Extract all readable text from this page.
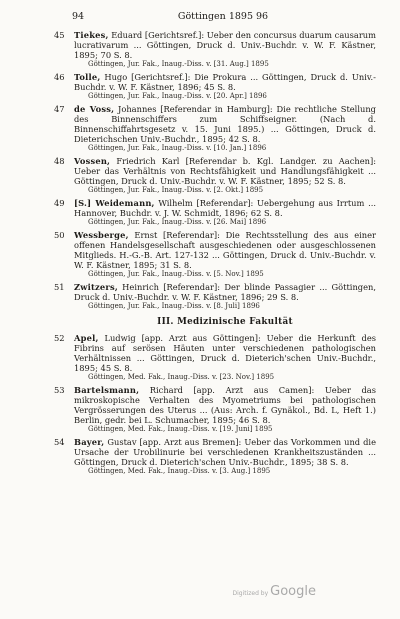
94	Göttingen 1895 96
45	Tiekes, Eduard [Gerichtsref.]: Ueber den concursus duarum causarum lucrativarum ... Göttingen, Druck d. Univ.-Buchdr. v. W. F. Kästner, 1895; 70 S. 8.
Göttingen, Jur. Fak., Inaug.-Diss. v. [31. Aug.] 1895
46	Tolle, Hugo [Gerichtsref.]: Die Prokura ... Göttingen, Druck d. Univ.-Buchdr. v. W. F. Kästner, 1896; 45 S. 8.
Göttingen, Jur. Fak., Inaug.-Diss. v. [20. Apr.] 1896
47	de Voss, Johannes [Referendar in Hamburg]: Die rechtliche Stellung des Binnenschiffers zum Schiffseigner. (Nach d. Binnenschiffahrtsgesetz v. 15. Juni 1895.) ... Göttingen, Druck d. Dieterichschen Univ.-Buchdr., 1895; 42 S. 8.
Göttingen, Jur. Fak., Inaug.-Diss. v. [10. Jan.] 1896
48	Vossen, Friedrich Karl [Referendar b. Kgl. Landger. zu Aachen]: Ueber das Verhältnis von Rechtsfähigkeit und Handlungsfähigkeit ... Göttingen, Druck d. Univ.-Buchdr. v. W. F. Kästner, 1895; 52 S. 8.
Göttingen, Jur. Fak., Inaug.-Diss. v. [2. Okt.] 1895
49	[S.] Weidemann, Wilhelm [Referendar]: Uebergehung aus Irrtum ... Hannover, Buchdr. v. J. W. Schmidt, 1896; 62 S. 8.
Göttingen, Jur. Fak., Inaug.-Diss. v. [26. Mai] 1896
50	Wessberge, Ernst [Referendar]: Die Rechtsstellung des aus einer offenen Handelsgesellschaft ausgeschiedenen oder ausgeschlossenen Mitglieds. H.-G.-B. Art. 127-132 ... Göttingen, Druck d. Univ.-Buchdr. v. W. F. Kästner, 1895; 31 S. 8.
Göttingen, Jur. Fak., Inaug.-Diss. v. [5. Nov.] 1895
51	Zwitzers, Heinrich [Referendar]: Der blinde Passagier ... Göttingen, Druck d. Univ.-Buchdr. v. W. F. Kästner, 1896; 29 S. 8.
Göttingen, Jur. Fak., Inaug.-Diss. v. [8. Juli] 1896
III. Medizinische Fakultät
52	Apel, Ludwig [app. Arzt aus Göttingen]: Ueber die Herkunft des Fibrins auf serösen Häuten unter verschiedenen pathologischen Verhältnissen ... Göttingen, Druck d. Dieterich'schen Univ.-Buchdr., 1895; 45 S. 8.
Göttingen, Med. Fak., Inaug.-Diss. v. [23. Nov.] 1895
53	Bartelsmann, Richard [app. Arzt aus Camen]: Ueber das mikroskopische Verhalten des Myometriums bei pathologischen Vergrösserungen des Uterus ... (Aus: Arch. f. Gynäkol., Bd. L, Heft 1.) Berlin, gedr. bei L. Schumacher, 1895; 46 S. 8.
Göttingen, Med. Fak., Inaug.-Diss. v. [19. Juni] 1895
54	Bayer, Gustav [app. Arzt aus Bremen]: Ueber das Vorkommen und die Ursache der Urobilinurie bei verschiedenen Krankheitszuständen ... Göttingen, Druck d. Dieterich'schen Univ.-Buchdr., 1895; 38 S. 8.
Göttingen, Med. Fak., Inaug.-Diss. v. [3. Aug.] 1895
Digitized by Google
